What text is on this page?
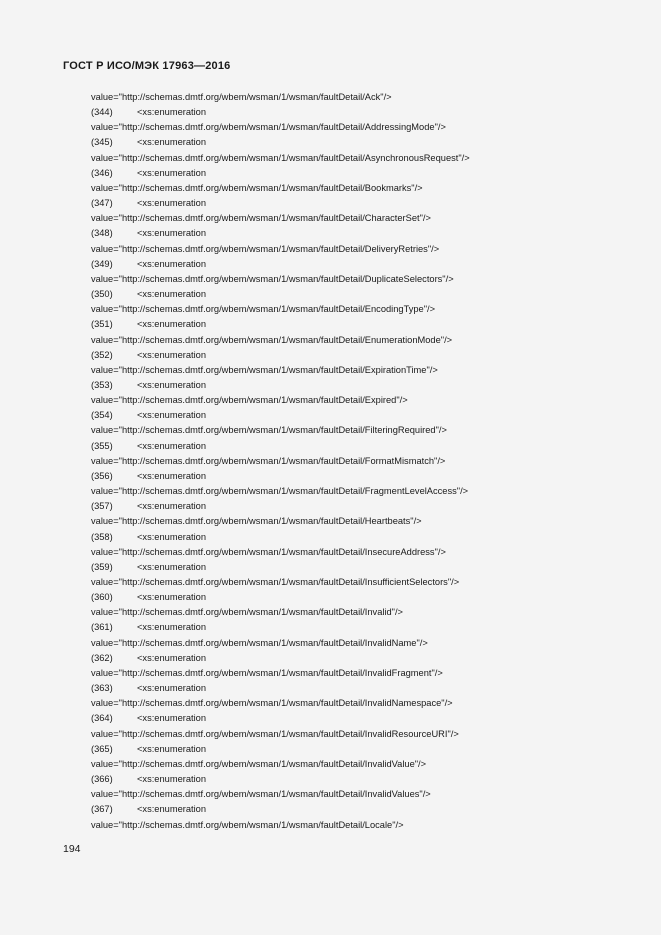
ГОСТ Р ИСО/МЭК 17963—2016
value="http://schemas.dmtf.org/wbem/wsman/1/wsman/faultDetail/Ack"/>
(344)	<xs:enumeration
value="http://schemas.dmtf.org/wbem/wsman/1/wsman/faultDetail/AddressingMode"/>
(345)	<xs:enumeration
value="http://schemas.dmtf.org/wbem/wsman/1/wsman/faultDetail/AsynchronousRequest"/>
(346)	<xs:enumeration
value="http://schemas.dmtf.org/wbem/wsman/1/wsman/faultDetail/Bookmarks"/>
(347)	<xs:enumeration
value="http://schemas.dmtf.org/wbem/wsman/1/wsman/faultDetail/CharacterSet"/>
(348)	<xs:enumeration
value="http://schemas.dmtf.org/wbem/wsman/1/wsman/faultDetail/DeliveryRetries"/>
(349)	<xs:enumeration
value="http://schemas.dmtf.org/wbem/wsman/1/wsman/faultDetail/DuplicateSelectors"/>
(350)	<xs:enumeration
value="http://schemas.dmtf.org/wbem/wsman/1/wsman/faultDetail/EncodingType"/>
(351)	<xs:enumeration
value="http://schemas.dmtf.org/wbem/wsman/1/wsman/faultDetail/EnumerationMode"/>
(352)	<xs:enumeration
value="http://schemas.dmtf.org/wbem/wsman/1/wsman/faultDetail/ExpirationTime"/>
(353)	<xs:enumeration
value="http://schemas.dmtf.org/wbem/wsman/1/wsman/faultDetail/Expired"/>
(354)	<xs:enumeration
value="http://schemas.dmtf.org/wbem/wsman/1/wsman/faultDetail/FilteringRequired"/>
(355)	<xs:enumeration
value="http://schemas.dmtf.org/wbem/wsman/1/wsman/faultDetail/FormatMismatch"/>
(356)	<xs:enumeration
value="http://schemas.dmtf.org/wbem/wsman/1/wsman/faultDetail/FragmentLevelAccess"/>
(357)	<xs:enumeration
value="http://schemas.dmtf.org/wbem/wsman/1/wsman/faultDetail/Heartbeats"/>
(358)	<xs:enumeration
value="http://schemas.dmtf.org/wbem/wsman/1/wsman/faultDetail/InsecureAddress"/>
(359)	<xs:enumeration
value="http://schemas.dmtf.org/wbem/wsman/1/wsman/faultDetail/InsufficientSelectors"/>
(360)	<xs:enumeration
value="http://schemas.dmtf.org/wbem/wsman/1/wsman/faultDetail/Invalid"/>
(361)	<xs:enumeration
value="http://schemas.dmtf.org/wbem/wsman/1/wsman/faultDetail/InvalidName"/>
(362)	<xs:enumeration
value="http://schemas.dmtf.org/wbem/wsman/1/wsman/faultDetail/InvalidFragment"/>
(363)	<xs:enumeration
value="http://schemas.dmtf.org/wbem/wsman/1/wsman/faultDetail/InvalidNamespace"/>
(364)	<xs:enumeration
value="http://schemas.dmtf.org/wbem/wsman/1/wsman/faultDetail/InvalidResourceURI"/>
(365)	<xs:enumeration
value="http://schemas.dmtf.org/wbem/wsman/1/wsman/faultDetail/InvalidValue"/>
(366)	<xs:enumeration
value="http://schemas.dmtf.org/wbem/wsman/1/wsman/faultDetail/InvalidValues"/>
(367)	<xs:enumeration
value="http://schemas.dmtf.org/wbem/wsman/1/wsman/faultDetail/Locale"/>
194
